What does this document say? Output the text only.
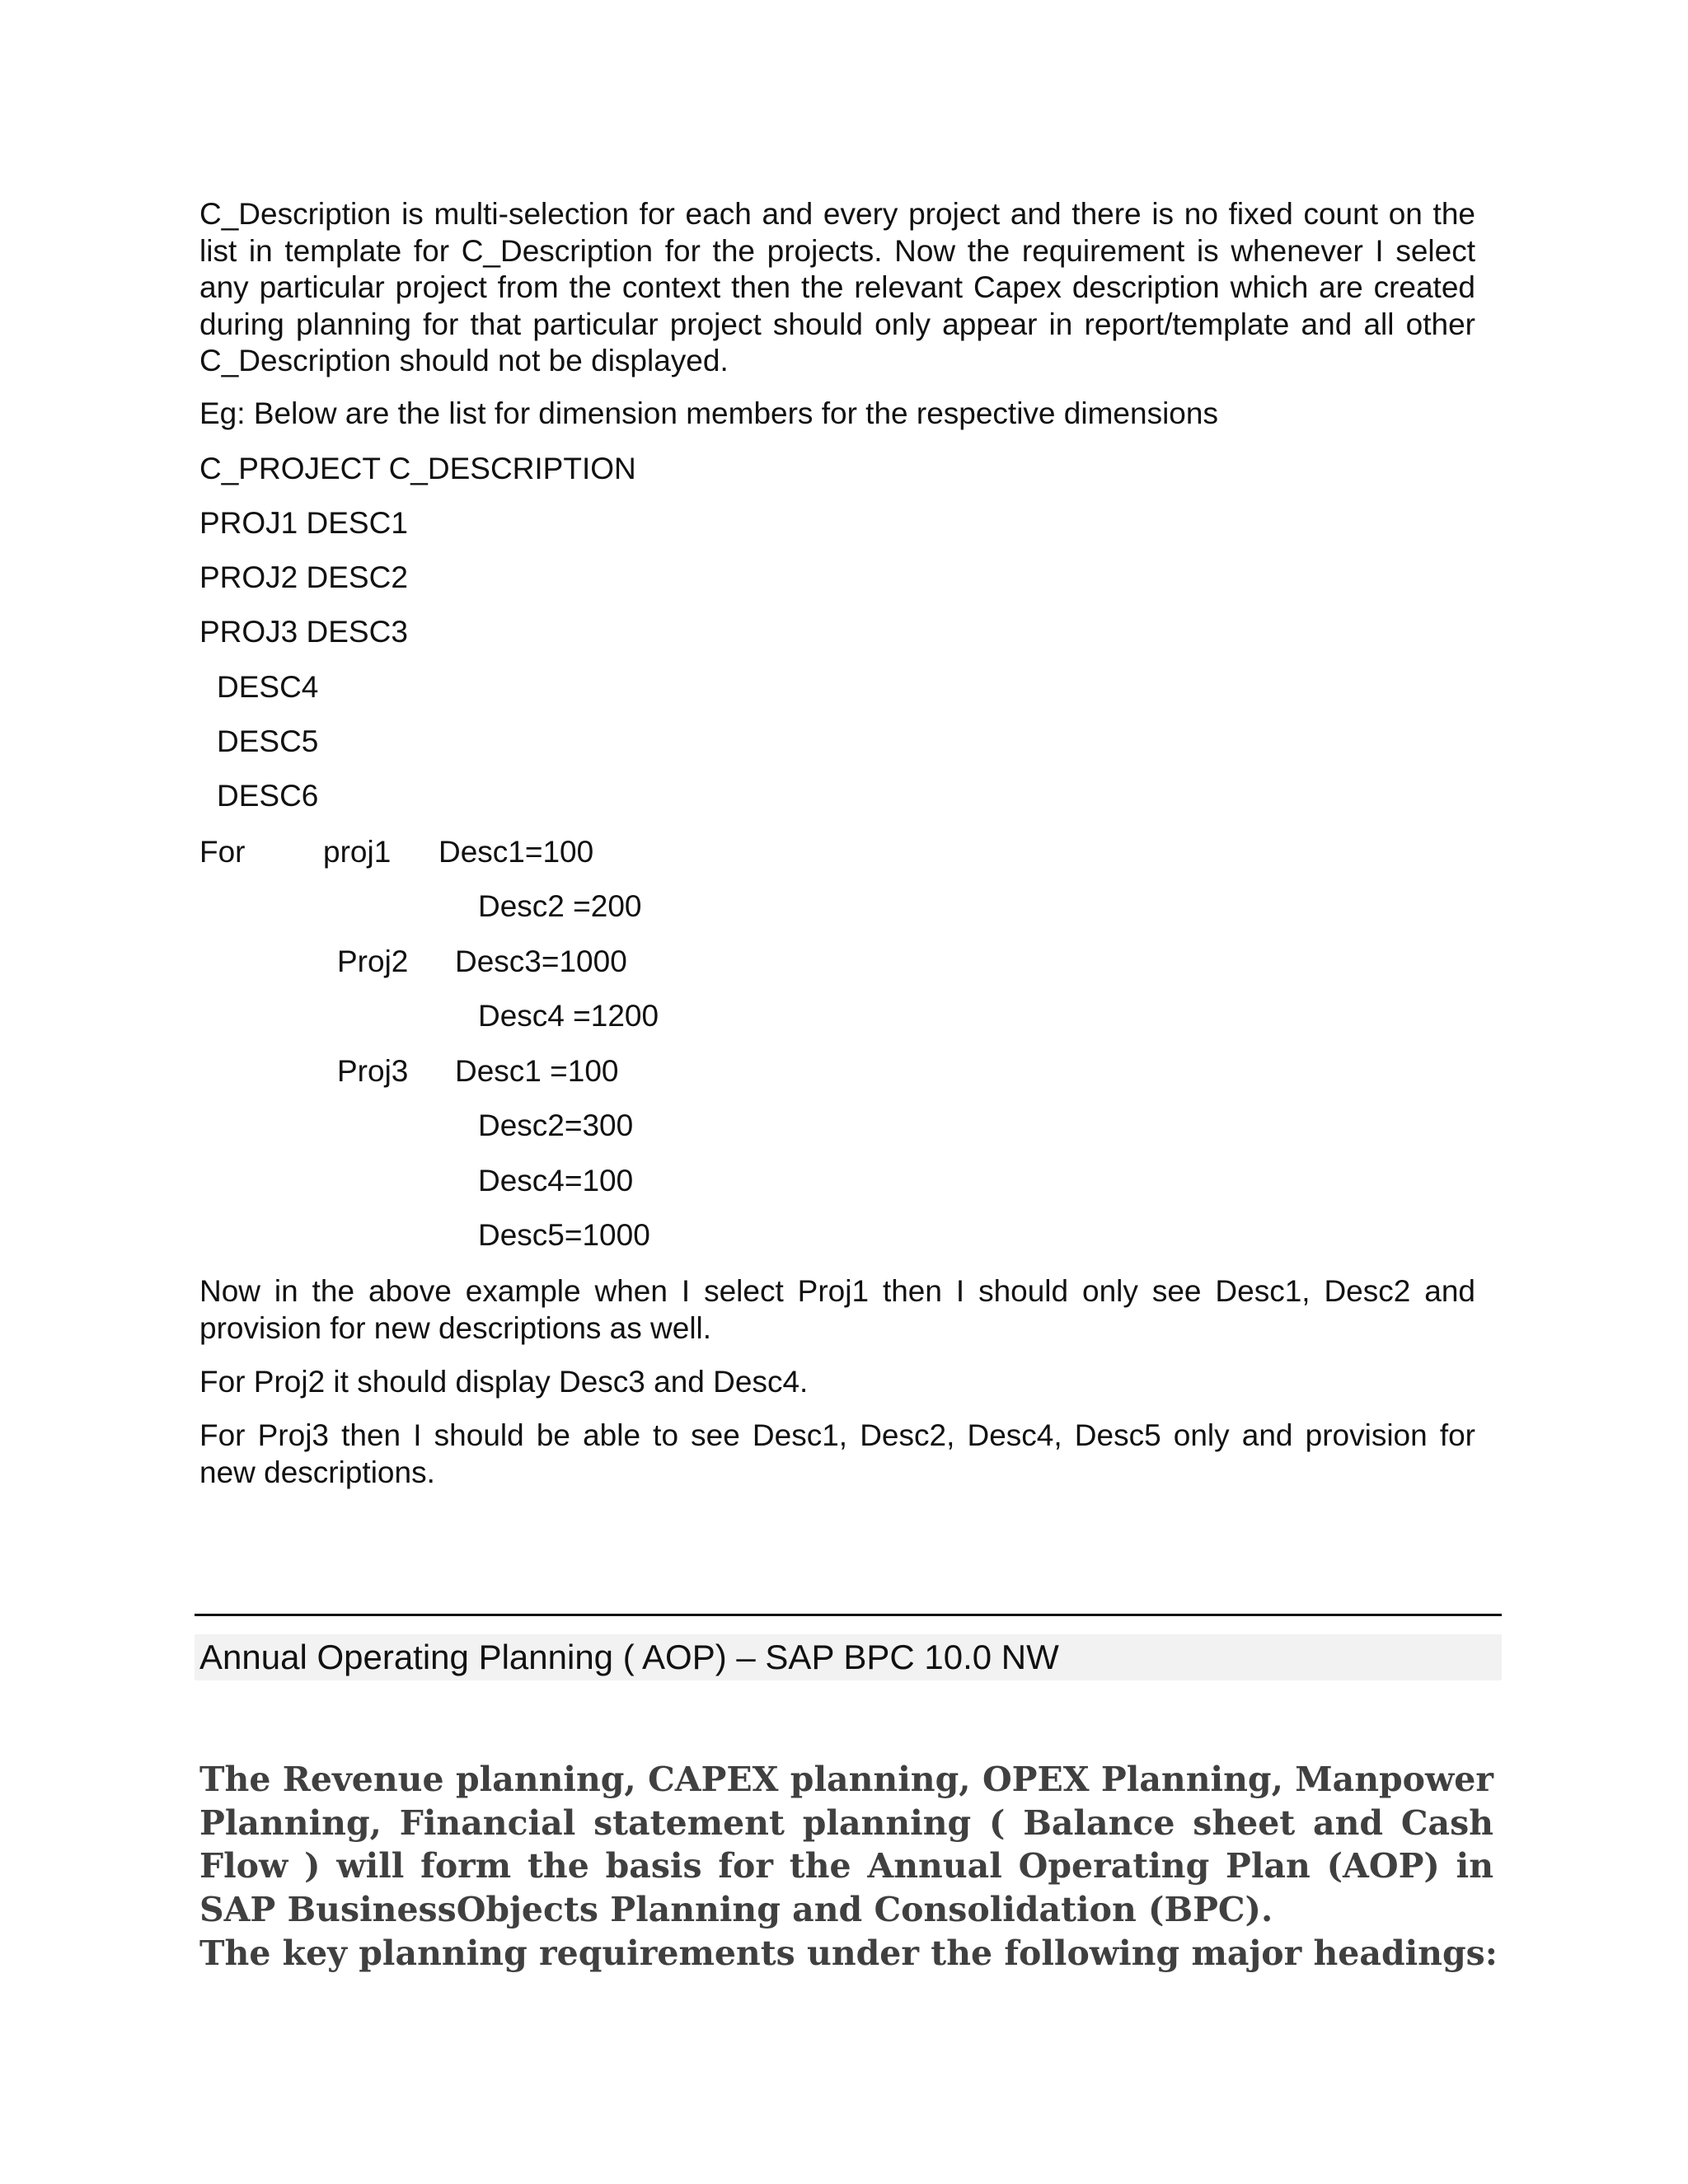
C_Description is multi-selection for each and every project and there is no fixed count on the list in template for C_Description for the projects. Now the requirement is whenever I select any particular project from the context then the relevant Capex description which are created during planning for that particular project should only appear in report/template and all other C_Description should not be displayed.
Eg: Below are the list for dimension members for the respective dimensions
C_PROJECT C_DESCRIPTION
PROJ1 DESC1
PROJ2 DESC2
PROJ3 DESC3
DESC4
DESC5
DESC6
For	proj1 Desc1=100
Desc2 =200
Proj2 Desc3=1000
Desc4 =1200
Proj3 Desc1 =100
Desc2=300
Desc4=100
Desc5=1000
Now in the above example when I select Proj1 then I should only see Desc1, Desc2 and provision for new descriptions as well.
For Proj2 it should display Desc3 and Desc4.
For Proj3 then I should be able to see Desc1, Desc2, Desc4, Desc5 only and provision for new descriptions.
Annual Operating Planning ( AOP) – SAP BPC 10.0 NW
The Revenue planning, CAPEX planning, OPEX Planning, Manpower Planning, Financial statement planning ( Balance sheet and Cash Flow ) will form the basis for the Annual Operating Plan (AOP) in SAP BusinessObjects Planning and Consolidation (BPC).
The key planning requirements under the following major headings:
